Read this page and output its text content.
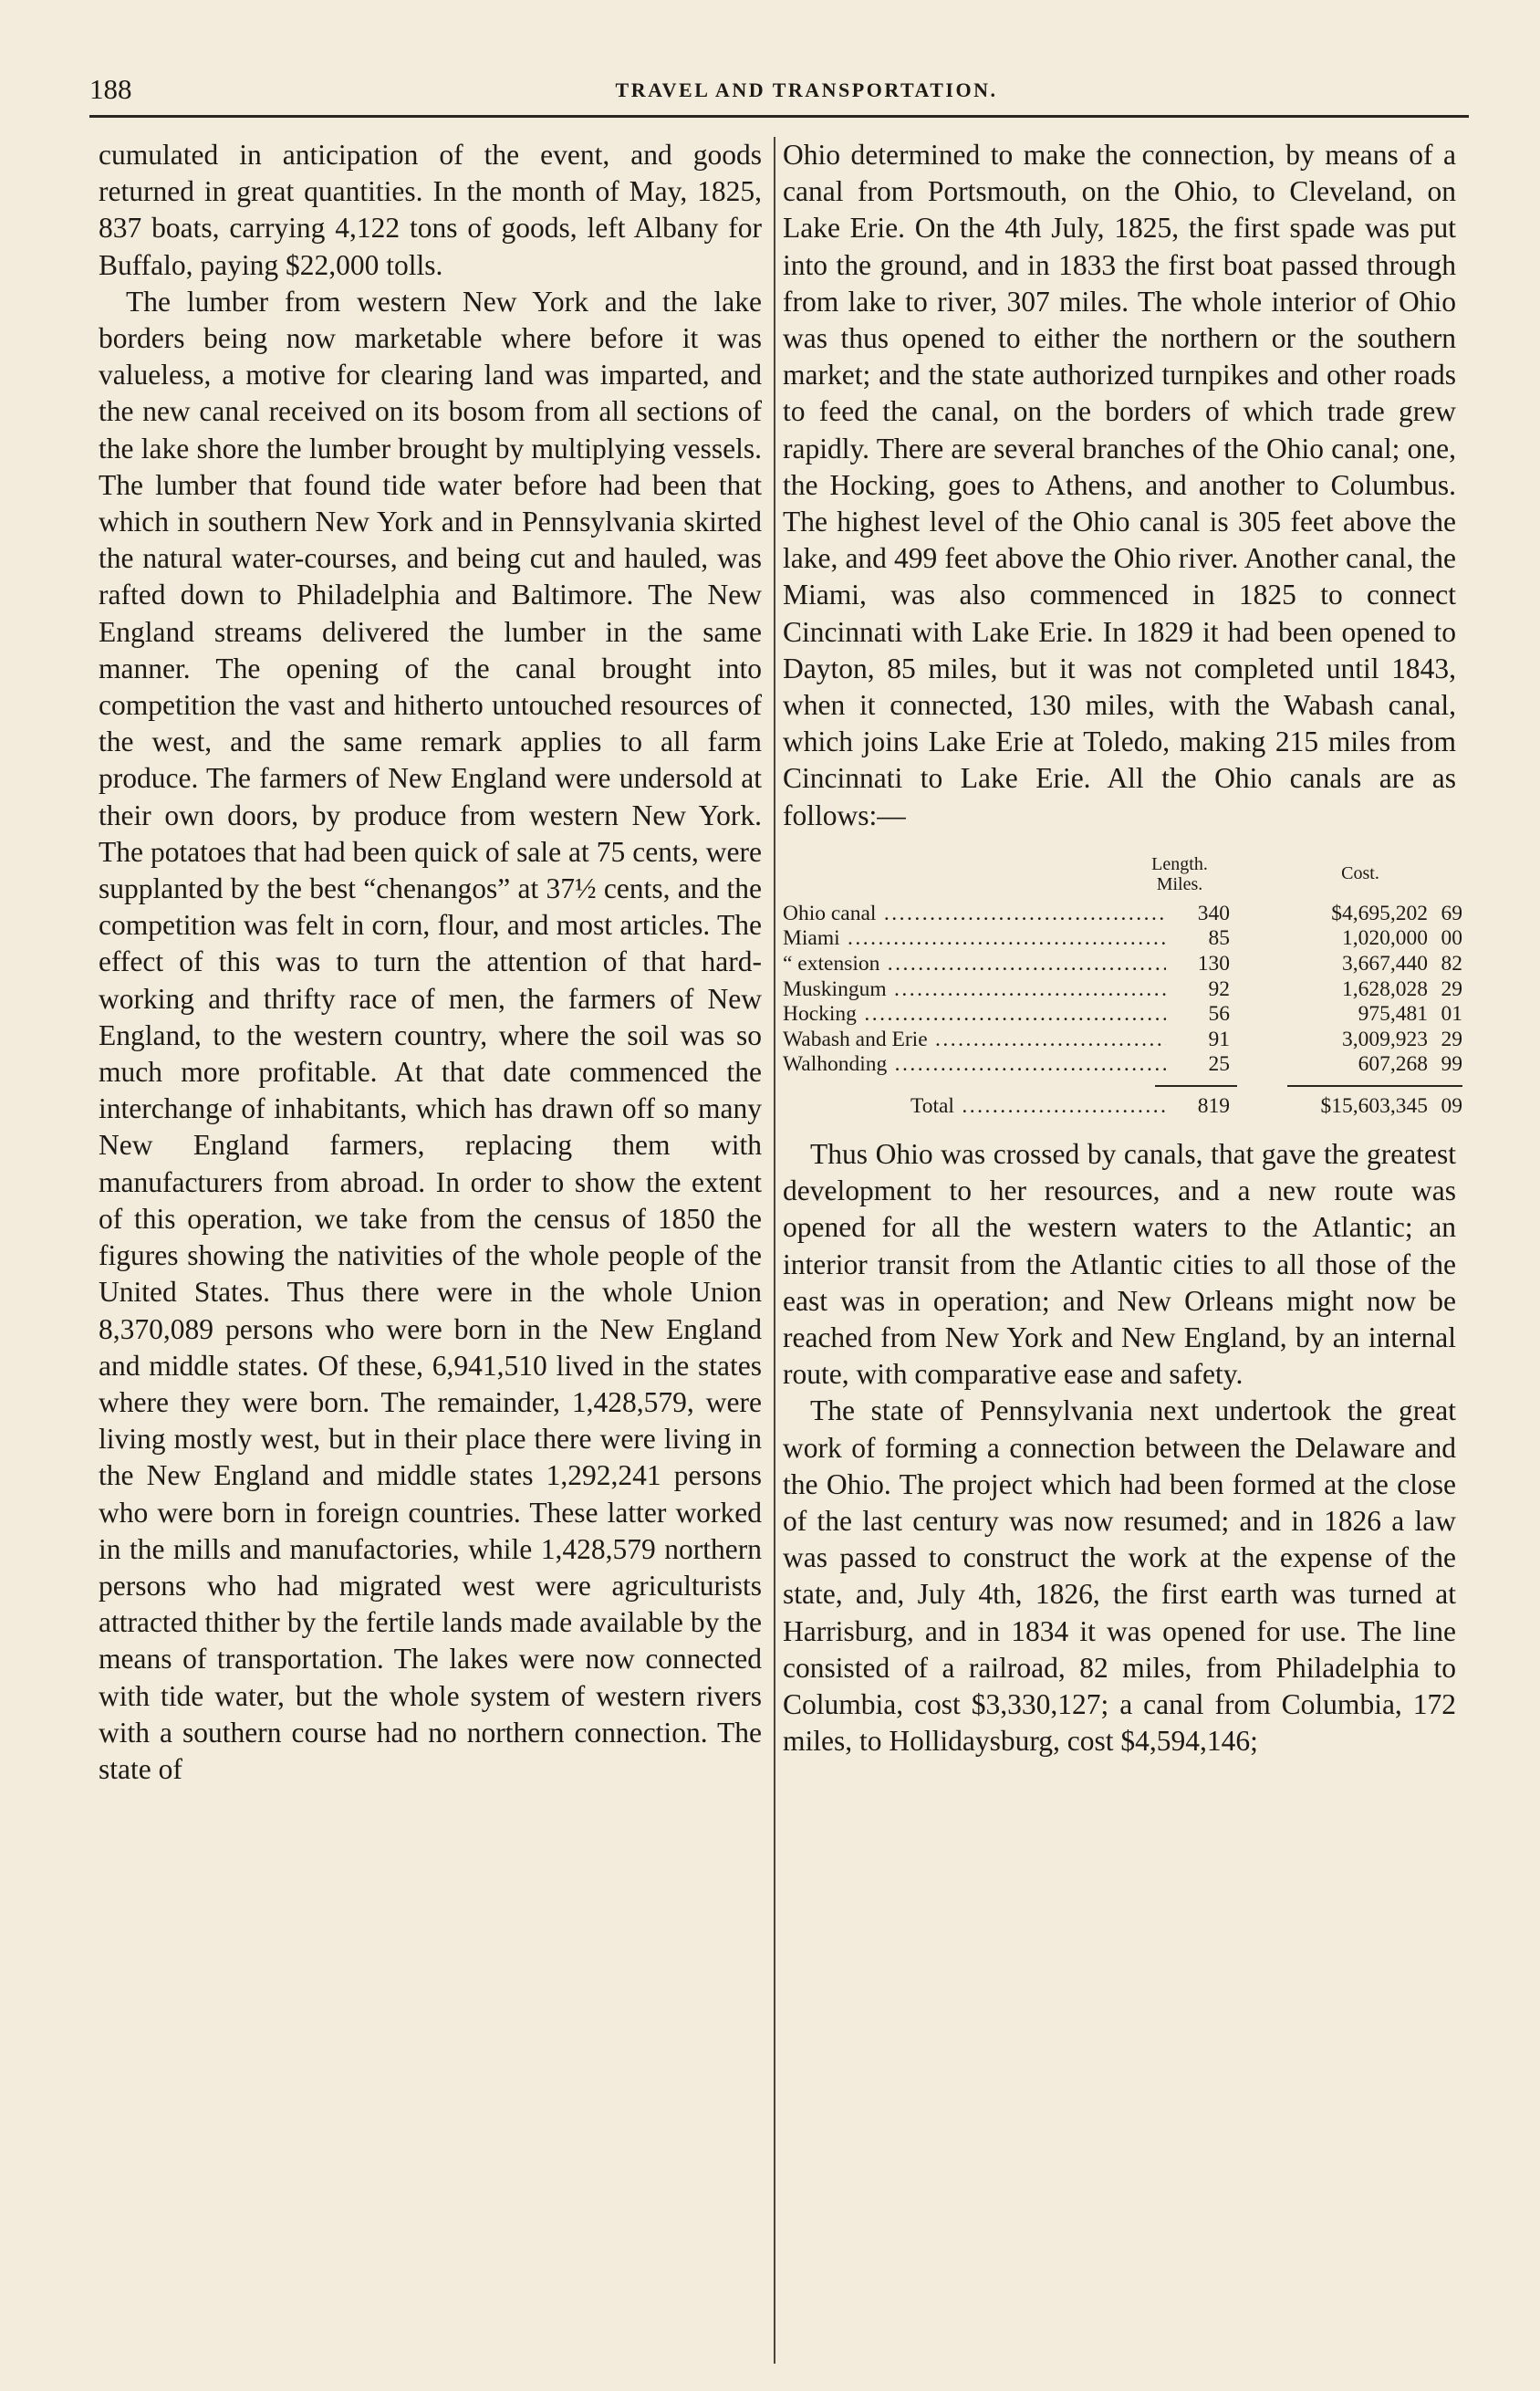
188	TRAVEL AND TRANSPORTATION.

cumulated in anticipation of the event, and goods returned in great quantities. In the month of May, 1825, 837 boats, carrying 4,122 tons of goods, left Albany for Buffalo, paying $22,000 tolls.

The lumber from western New York and the lake borders being now marketable where before it was valueless, a motive for clearing land was imparted, and the new canal received on its bosom from all sections of the lake shore the lumber brought by multiplying vessels. The lumber that found tide water before had been that which in southern New York and in Pennsylvania skirted the natural water-courses, and being cut and hauled, was rafted down to Philadelphia and Baltimore. The New England streams delivered the lumber in the same manner. The opening of the canal brought into competition the vast and hitherto untouched resources of the west, and the same remark applies to all farm produce. The farmers of New England were undersold at their own doors, by produce from western New York. The potatoes that had been quick of sale at 75 cents, were supplanted by the best “chenangos” at 37½ cents, and the competition was felt in corn, flour, and most articles. The effect of this was to turn the attention of that hard-working and thrifty race of men, the farmers of New England, to the western country, where the soil was so much more profitable. At that date commenced the interchange of inhabitants, which has drawn off so many New England farmers, replacing them with manufacturers from abroad. In order to show the extent of this operation, we take from the census of 1850 the figures showing the nativities of the whole people of the United States. Thus there were in the whole Union 8,370,089 persons who were born in the New England and middle states. Of these, 6,941,510 lived in the states where they were born. The remainder, 1,428,579, were living mostly west, but in their place there were living in the New England and middle states 1,292,241 persons who were born in foreign countries. These latter worked in the mills and manufactories, while 1,428,579 northern persons who had migrated west were agriculturists attracted thither by the fertile lands made available by the means of transportation. The lakes were now connected with tide water, but the whole system of western rivers with a southern course had no northern connection. The state of

Ohio determined to make the connection, by means of a canal from Portsmouth, on the Ohio, to Cleveland, on Lake Erie. On the 4th July, 1825, the first spade was put into the ground, and in 1833 the first boat passed through from lake to river, 307 miles. The whole interior of Ohio was thus opened to either the northern or the southern market; and the state authorized turnpikes and other roads to feed the canal, on the borders of which trade grew rapidly. There are several branches of the Ohio canal; one, the Hocking, goes to Athens, and another to Columbus. The highest level of the Ohio canal is 305 feet above the lake, and 499 feet above the Ohio river. Another canal, the Miami, was also commenced in 1825 to connect Cincinnati with Lake Erie. In 1829 it had been opened to Dayton, 85 miles, but it was not completed until 1843, when it connected, 130 miles, with the Wabash canal, which joins Lake Erie at Toledo, making 215 miles from Cincinnati to Lake Erie. All the Ohio canals are as follows:—

Length.
Miles.
Cost.
Ohio canal .....	340	$4,695,202 69
Miami .....	85	1,020,000 00
“ extension .....	130	3,667,440 82
Muskingum .....	92	1,628,028 29
Hocking .....	56	975,481 01
Wabash and Erie .....	91	3,009,923 29
Walhonding .....	25	607,268 99
Total .....	819	$15,603,345 09

Thus Ohio was crossed by canals, that gave the greatest development to her resources, and a new route was opened for all the western waters to the Atlantic; an interior transit from the Atlantic cities to all those of the east was in operation; and New Orleans might now be reached from New York and New England, by an internal route, with comparative ease and safety.

The state of Pennsylvania next undertook the great work of forming a connection between the Delaware and the Ohio. The project which had been formed at the close of the last century was now resumed; and in 1826 a law was passed to construct the work at the expense of the state, and, July 4th, 1826, the first earth was turned at Harrisburg, and in 1834 it was opened for use. The line consisted of a railroad, 82 miles, from Philadelphia to Columbia, cost $3,330,127; a canal from Columbia, 172 miles, to Hollidaysburg, cost $4,594,146;
